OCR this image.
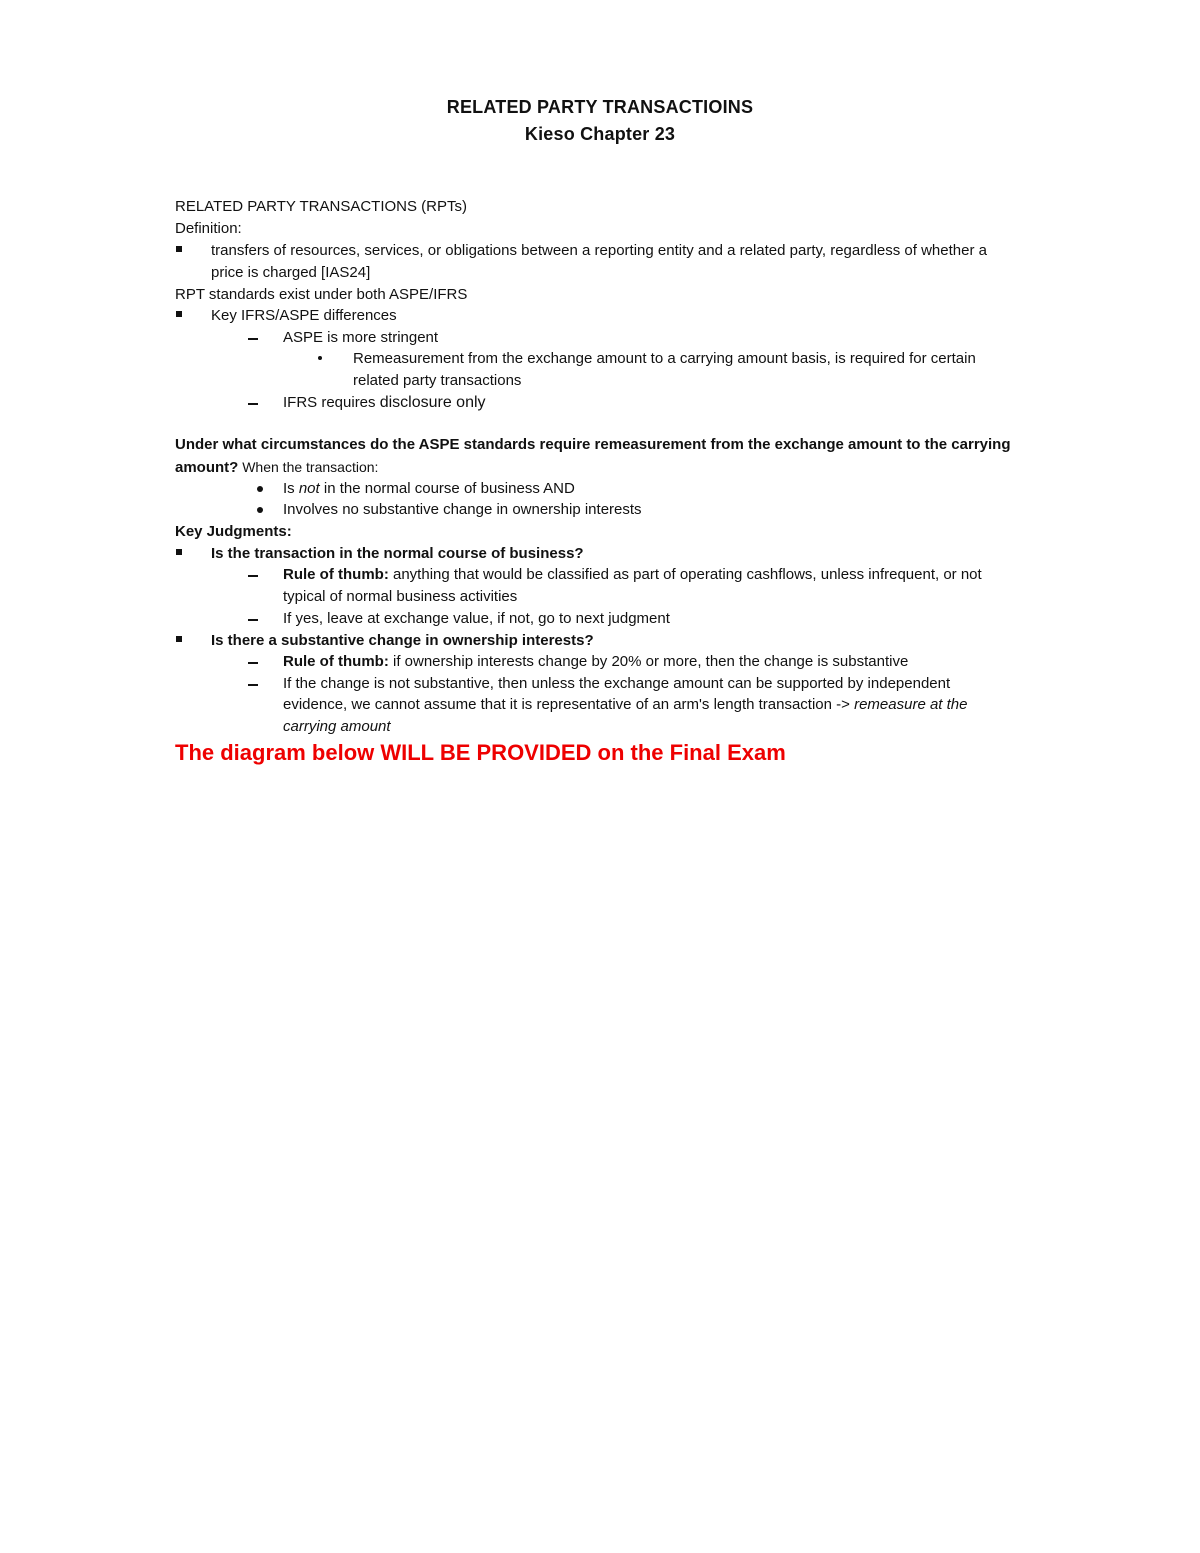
RELATED PARTY TRANSACTIOINS
Kieso Chapter 23
RELATED PARTY TRANSACTIONS (RPTs)
Definition:
transfers of resources, services, or obligations between a reporting entity and a related party, regardless of whether a
price is charged [IAS24]
RPT standards exist under both ASPE/IFRS
Key IFRS/ASPE differences
ASPE is more stringent
Remeasurement from the exchange amount to a carrying amount basis, is required for certain
related party transactions
IFRS requires disclosure only
Under what circumstances do the ASPE standards require remeasurement from the exchange amount to the carrying
amount? When the transaction:
Is not in the normal course of business AND
Involves no substantive change in ownership interests
Key Judgments:
Is the transaction in the normal course of business?
Rule of thumb: anything that would be classified as part of operating cashflows, unless infrequent, or not
typical of normal business activities
If yes, leave at exchange value, if not, go to next judgment
Is there a substantive change in ownership interests?
Rule of thumb: if ownership interests change by 20% or more, then the change is substantive
If the change is not substantive, then unless the exchange amount can be supported by independent
evidence, we cannot assume that it is representative of an arm's length transaction -> remeasure at the
carrying amount
The diagram below WILL BE PROVIDED on the Final Exam
